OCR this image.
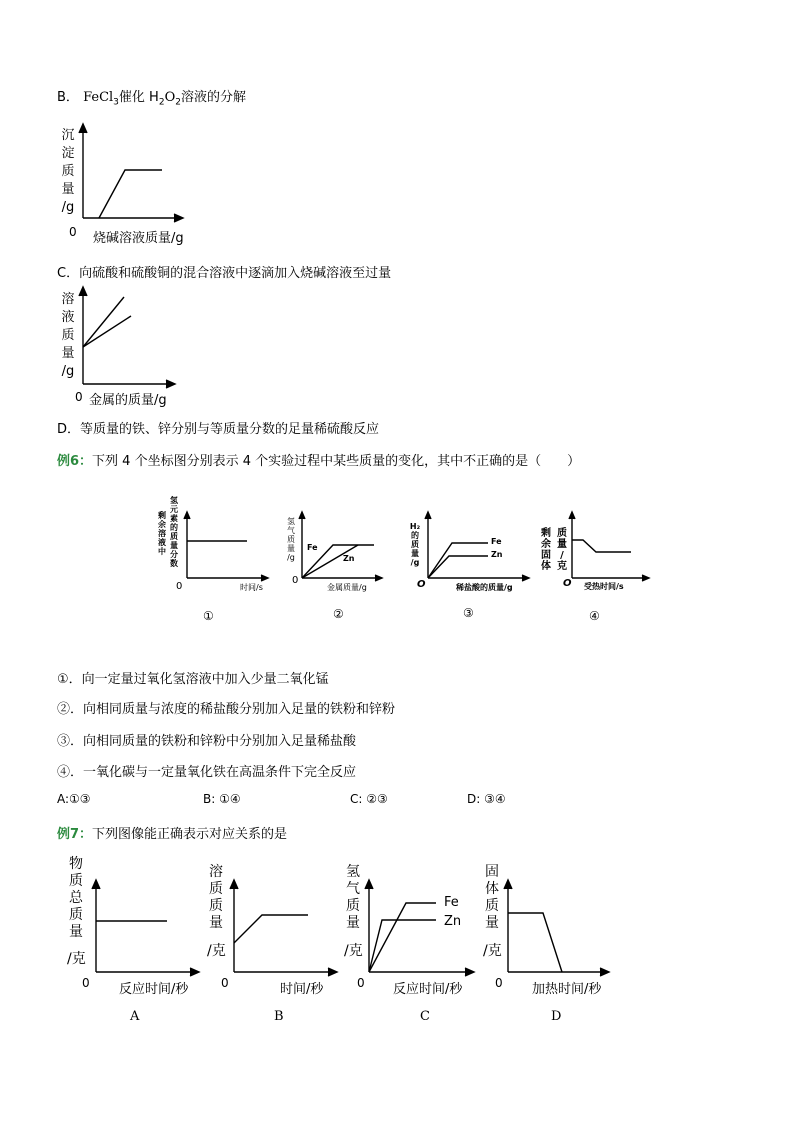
B． FeCl$_3$催化 $H_2O_2$溶液的分解
沉
淀
质
量
/g
0 烧碱溶液质量/g
C．向硫酸和硫酸铜的混合溶液中逐滴加入烧碱溶液至过量
溶
液
质
量
/g
0 金属的质量/g
D．等质量的铁、锌分别与等质量分数的足量稀硫酸反应
例6：下列 4 个坐标图分别表示 4 个实验过程中某些质量的变化，其中不正确的是（　　）
剩
余
溶
液
中
氢
元
素
的
质
量
分
数
0	时间/s
①
氢
气
质
量
/g
Fe
Zn
0
金属质量/g
②
H₂
的
质
量
/g
Fe
Zn
O	稀盐酸的质量/g
③
剩
余
固
体
质
量
/
克
O 受热时间/s
④
①．向一定量过氧化氢溶液中加入少量二氧化锰
②．向相同质量与浓度的稀盐酸分别加入足量的铁粉和锌粉
③．向相同质量的铁粉和锌粉中分别加入足量稀盐酸
④．一氧化碳与一定量氧化铁在高温条件下完全反应
A:①③	B: ①④	C: ②③	D: ③④
例7：下列图像能正确表示对应关系的是
物
质
总
质
量
/克
0 反应时间/秒
A
溶
质
质
量
/克
0	时间/秒
B
氢
气
质
量
/克
Fe
Zn
0 反应时间/秒
C
固
体
质
量
/克
0 加热时间/秒
D
